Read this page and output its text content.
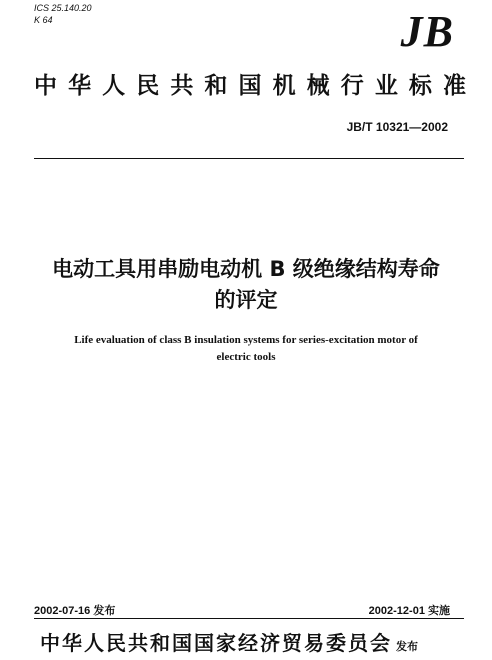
ICS 25.140.20
K 64	JB
中华人民共和国机械行业标准
JB/T 10321—2002
电动工具用串励电动机 B 级绝缘结构寿命
的评定
Life evaluation of class B insulation systems for series-excitation motor of
electric tools
2002-07-16 发布	2002-12-01 实施
中华人民共和国国家经济贸易委员会 发布
